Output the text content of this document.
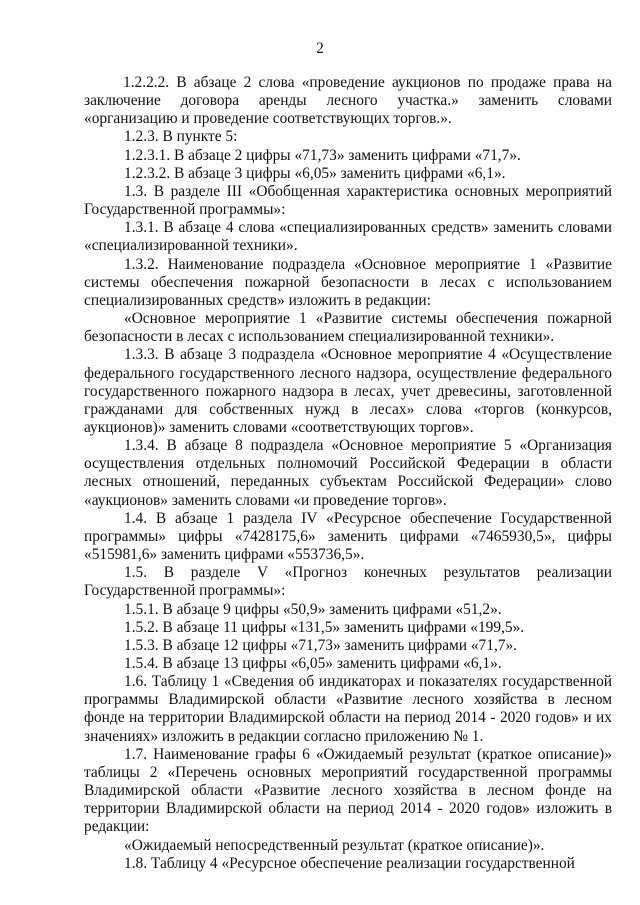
2

1.2.2.2. В абзаце 2 слова «проведение аукционов по продаже права на заключение договора аренды лесного участка.» заменить словами «организацию и проведение соответствующих торгов.».

1.2.3. В пункте 5:

1.2.3.1. В абзаце 2 цифры «71,73» заменить цифрами «71,7».

1.2.3.2. В абзаце 3 цифры «6,05» заменить цифрами «6,1».

1.3. В разделе III «Обобщенная характеристика основных мероприятий Государственной программы»:

1.3.1. В абзаце 4 слова «специализированных средств» заменить словами «специализированной техники».

1.3.2. Наименование подраздела «Основное мероприятие 1 «Развитие системы обеспечения пожарной безопасности в лесах с использованием специализированных средств» изложить в редакции:

«Основное мероприятие 1 «Развитие системы обеспечения пожарной безопасности в лесах с использованием специализированной техники».

1.3.3. В абзаце 3 подраздела «Основное мероприятие 4 «Осуществление федерального государственного лесного надзора, осуществление федерального государственного пожарного надзора в лесах, учет древесины, заготовленной гражданами для собственных нужд в лесах» слова «торгов (конкурсов, аукционов)» заменить словами «соответствующих торгов».

1.3.4. В абзаце 8 подраздела «Основное мероприятие 5 «Организация осуществления отдельных полномочий Российской Федерации в области лесных отношений, переданных субъектам Российской Федерации» слово «аукционов» заменить словами «и проведение торгов».

1.4. В абзаце 1 раздела IV «Ресурсное обеспечение Государственной программы» цифры «7428175,6» заменить цифрами «7465930,5», цифры «515981,6» заменить цифрами «553736,5».

1.5. В разделе V «Прогноз конечных результатов реализации Государственной программы»:

1.5.1. В абзаце 9 цифры «50,9» заменить цифрами «51,2».

1.5.2. В абзаце 11 цифры «131,5» заменить цифрами «199,5».

1.5.3. В абзаце 12 цифры «71,73» заменить цифрами «71,7».

1.5.4. В абзаце 13 цифры «6,05» заменить цифрами «6,1».

1.6. Таблицу 1 «Сведения об индикаторах и показателях государственной программы Владимирской области «Развитие лесного хозяйства в лесном фонде на территории Владимирской области на период 2014 - 2020 годов» и их значениях» изложить в редакции согласно приложению № 1.

1.7. Наименование графы 6 «Ожидаемый результат (краткое описание)» таблицы 2 «Перечень основных мероприятий государственной программы Владимирской области «Развитие лесного хозяйства в лесном фонде на территории Владимирской области на период 2014 - 2020 годов» изложить в редакции:

«Ожидаемый непосредственный результат (краткое описание)».

1.8. Таблицу 4 «Ресурсное обеспечение реализации государственной
